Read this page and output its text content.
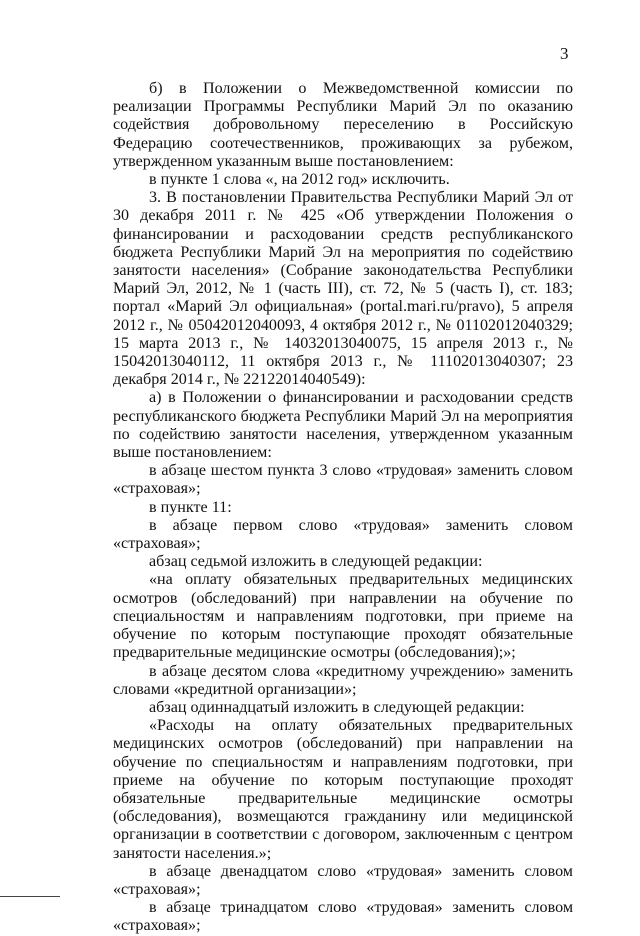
3

б) в Положении о Межведомственной комиссии по реализации Программы Республики Марий Эл по оказанию содействия добровольному переселению в Российскую Федерацию соотечественников, проживающих за рубежом, утвержденном указанным выше постановлением:

в пункте 1 слова «, на 2012 год» исключить.

3. В постановлении Правительства Республики Марий Эл от 30 декабря 2011 г. № 425 «Об утверждении Положения о финансировании и расходовании средств республиканского бюджета Республики Марий Эл на мероприятия по содействию занятости населения» (Собрание законодательства Республики Марий Эл, 2012, № 1 (часть III), ст. 72, № 5 (часть I), ст. 183; портал «Марий Эл официальная» (portal.mari.ru/pravo), 5 апреля 2012 г., № 05042012040093, 4 октября 2012 г., № 01102012040329; 15 марта 2013 г., № 14032013040075, 15 апреля 2013 г., № 15042013040112, 11 октября 2013 г., № 11102013040307; 23 декабря 2014 г., № 22122014040549):

а) в Положении о финансировании и расходовании средств республиканского бюджета Республики Марий Эл на мероприятия по содействию занятости населения, утвержденном указанным выше постановлением:

в абзаце шестом пункта 3 слово «трудовая» заменить словом «страховая»;

в пункте 11:

в абзаце первом слово «трудовая» заменить словом «страховая»;

абзац седьмой изложить в следующей редакции:

«на оплату обязательных предварительных медицинских осмотров (обследований) при направлении на обучение по специальностям и направлениям подготовки, при приеме на обучение по которым поступающие проходят обязательные предварительные медицинские осмотры (обследования);»;

в абзаце десятом слова «кредитному учреждению» заменить словами «кредитной организации»;

абзац одиннадцатый изложить в следующей редакции:

«Расходы на оплату обязательных предварительных медицинских осмотров (обследований) при направлении на обучение по специальностям и направлениям подготовки, при приеме на обучение по которым поступающие проходят обязательные предварительные медицинские осмотры (обследования), возмещаются гражданину или медицинской организации в соответствии с договором, заключенным с центром занятости населения.»;

в абзаце двенадцатом слово «трудовая» заменить словом «страховая»;

в абзаце тринадцатом слово «трудовая» заменить словом «страховая»;
